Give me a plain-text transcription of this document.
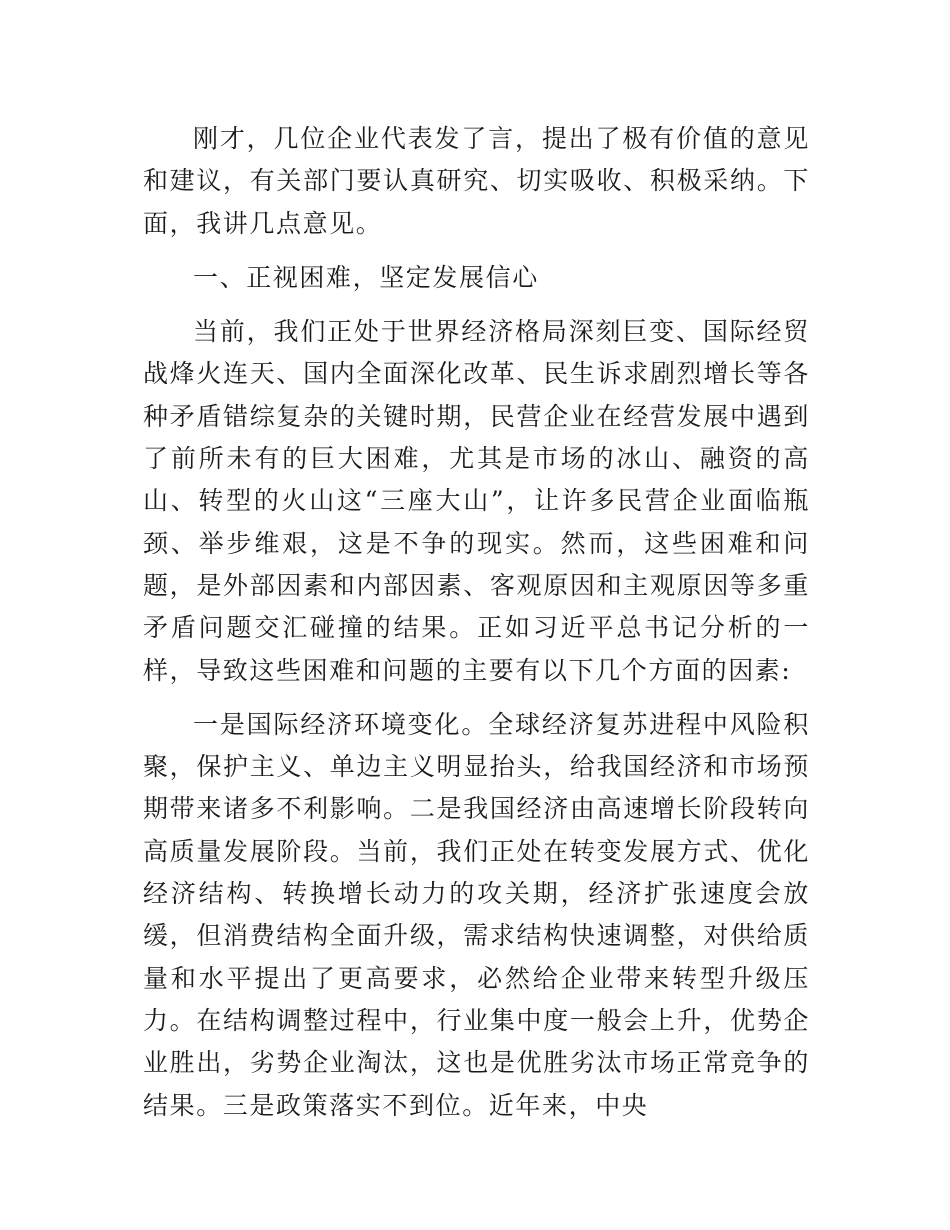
刚才，几位企业代表发了言，提出了极有价值的意见和建议，有关部门要认真研究、切实吸收、积极采纳。下面，我讲几点意见。

一、正视困难，坚定发展信心

当前，我们正处于世界经济格局深刻巨变、国际经贸战烽火连天、国内全面深化改革、民生诉求剧烈增长等各种矛盾错综复杂的关键时期，民营企业在经营发展中遇到了前所未有的巨大困难，尤其是市场的冰山、融资的高山、转型的火山这“三座大山”，让许多民营企业面临瓶颈、举步维艰，这是不争的现实。然而，这些困难和问题，是外部因素和内部因素、客观原因和主观原因等多重矛盾问题交汇碰撞的结果。正如习近平总书记分析的一样，导致这些困难和问题的主要有以下几个方面的因素:

一是国际经济环境变化。全球经济复苏进程中风险积聚，保护主义、单边主义明显抬头，给我国经济和市场预期带来诸多不利影响。二是我国经济由高速增长阶段转向高质量发展阶段。当前，我们正处在转变发展方式、优化经济结构、转换增长动力的攻关期，经济扩张速度会放缓，但消费结构全面升级，需求结构快速调整，对供给质量和水平提出了更高要求，必然给企业带来转型升级压力。在结构调整过程中，行业集中度一般会上升，优势企业胜出，劣势企业淘汰，这也是优胜劣汰市场正常竞争的结果。三是政策落实不到位。近年来，中央
